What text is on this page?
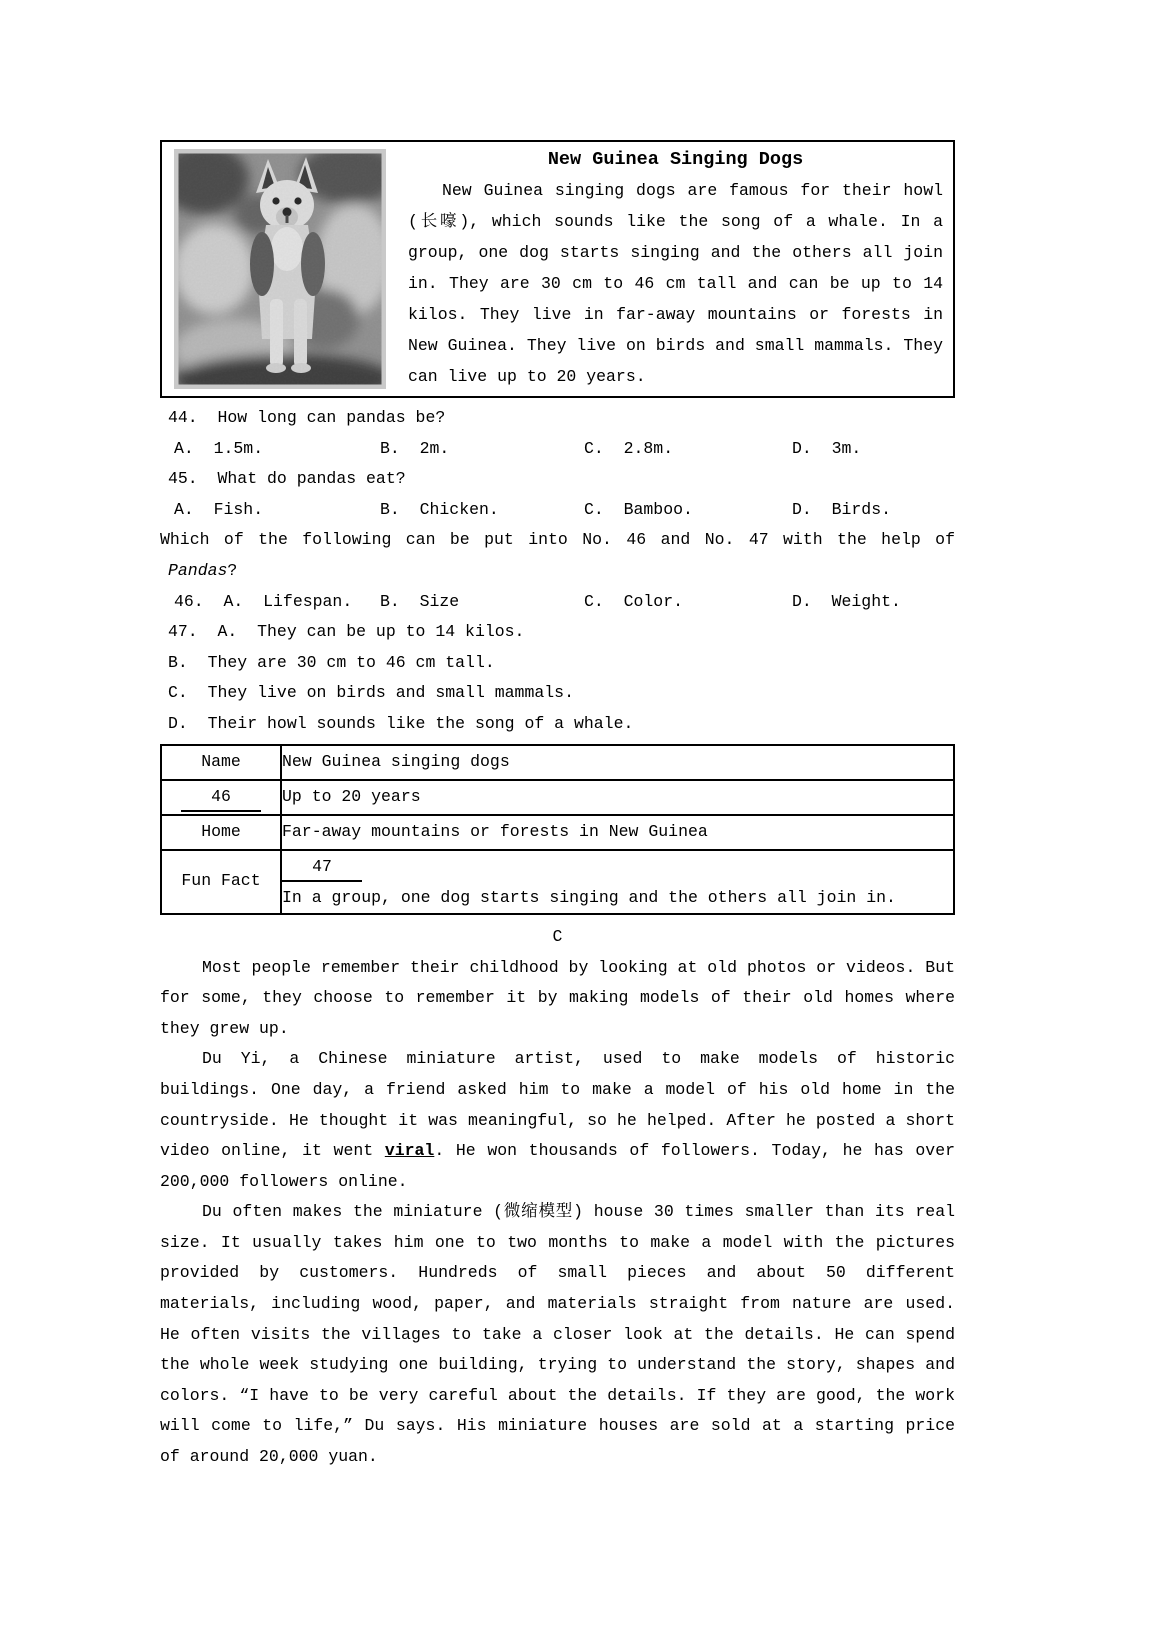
New Guinea Singing Dogs

New Guinea singing dogs are famous for their howl (长嚎), which sounds like the song of a whale. In a group, one dog starts singing and the others all join in. They are 30 cm to 46 cm tall and can be up to 14 kilos. They live in far-away mountains or forests in New Guinea. They live on birds and small mammals. They can live up to 20 years.

44.  How long can pandas be?
A.  1.5m.	B.  2m.	C.  2.8m.	D.  3m.
45.  What do pandas eat?
A.  Fish.	B.  Chicken.	C.  Bamboo.	D.  Birds.
Which of the following can be put into No. 46 and No. 47 with the help of
Pandas?
46.  A.  Lifespan.	B.  Size	C.  Color.	D.  Weight.
47.  A.  They can be up to 14 kilos.
B.  They are 30 cm to 46 cm tall.
C.  They live on birds and small mammals.
D.  Their howl sounds like the song of a whale.
Name	New Guinea singing dogs
46	Up to 20 years
Home	Far-away mountains or forests in New Guinea
Fun Fact	47
In a group, one dog starts singing and the others all join in.
C

Most people remember their childhood by looking at old photos or videos. But for some, they choose to remember it by making models of their old homes where they grew up.

Du Yi, a Chinese miniature artist, used to make models of historic buildings. One day, a friend asked him to make a model of his old home in the countryside. He thought it was meaningful, so he helped. After he posted a short video online, it went viral. He won thousands of followers. Today, he has over 200,000 followers online.

Du often makes the miniature (微缩模型) house 30 times smaller than its real size. It usually takes him one to two months to make a model with the pictures provided by customers. Hundreds of small pieces and about 50 different materials, including wood, paper, and materials straight from nature are used. He often visits the villages to take a closer look at the details. He can spend the whole week studying one building, trying to understand the story, shapes and colors. “I have to be very careful about the details. If they are good, the work will come to life,” Du says. His miniature houses are sold at a starting price of around 20,000 yuan.
